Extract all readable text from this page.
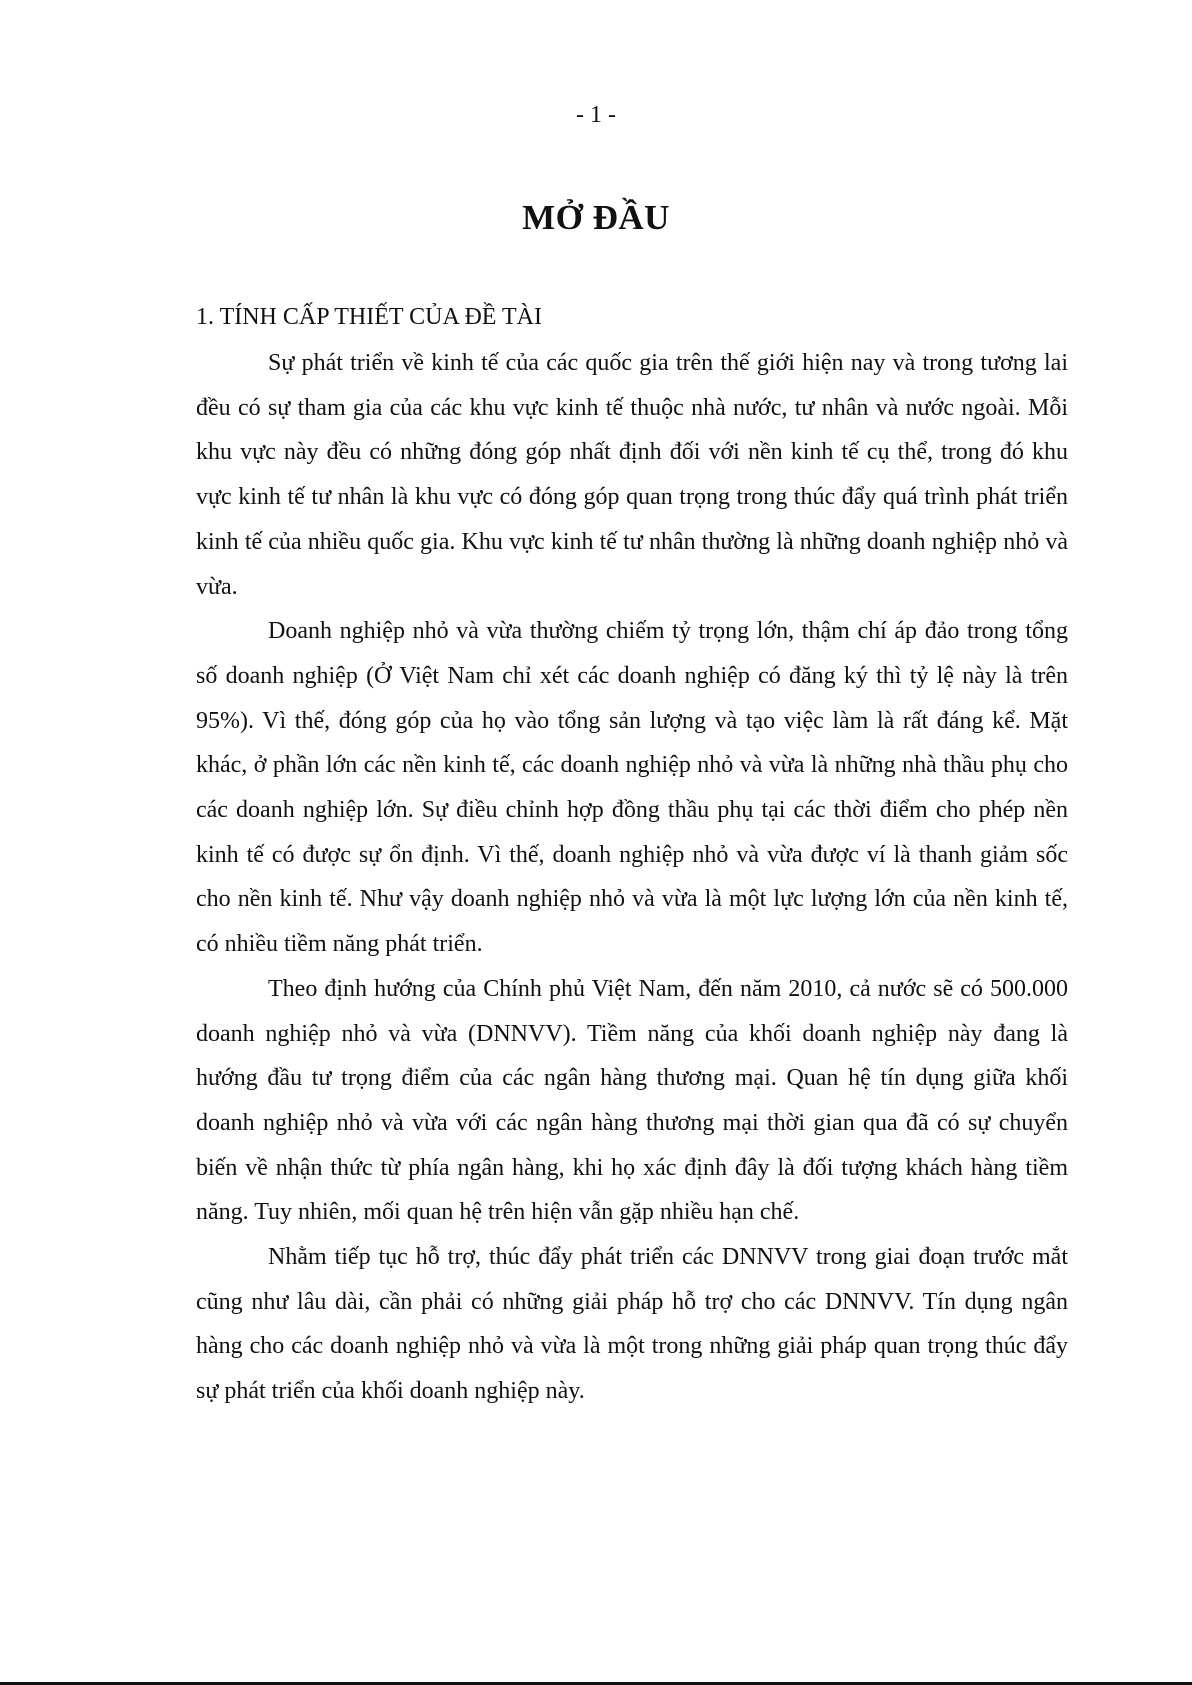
- 1 -
MỞ ĐẦU
1. TÍNH CẤP THIẾT CỦA ĐỀ TÀI

Sự phát triển về kinh tế của các quốc gia trên thế giới hiện nay và trong tương lai đều có sự tham gia của các khu vực kinh tế thuộc nhà nước, tư nhân và nước ngoài. Mỗi khu vực này đều có những đóng góp nhất định đối với nền kinh tế cụ thể, trong đó khu vực kinh tế tư nhân là khu vực có đóng góp quan trọng trong thúc đẩy quá trình phát triển kinh tế của nhiều quốc gia. Khu vực kinh tế tư nhân thường là những doanh nghiệp nhỏ và vừa.

Doanh nghiệp nhỏ và vừa thường chiếm tỷ trọng lớn, thậm chí áp đảo trong tổng số doanh nghiệp (Ở Việt Nam chỉ xét các doanh nghiệp có đăng ký thì tỷ lệ này là trên 95%). Vì thế, đóng góp của họ vào tổng sản lượng và tạo việc làm là rất đáng kể. Mặt khác, ở phần lớn các nền kinh tế, các doanh nghiệp nhỏ và vừa là những nhà thầu phụ cho các doanh nghiệp lớn. Sự điều chỉnh hợp đồng thầu phụ tại các thời điểm cho phép nền kinh tế có được sự ổn định. Vì thế, doanh nghiệp nhỏ và vừa được ví là thanh giảm sốc cho nền kinh tế. Như vậy doanh nghiệp nhỏ và vừa là một lực lượng lớn của nền kinh tế, có nhiều tiềm năng phát triển.

Theo định hướng của Chính phủ Việt Nam, đến năm 2010, cả nước sẽ có 500.000 doanh nghiệp nhỏ và vừa (DNNVV). Tiềm năng của khối doanh nghiệp này đang là hướng đầu tư trọng điểm của các ngân hàng thương mại. Quan hệ tín dụng giữa khối doanh nghiệp nhỏ và vừa với các ngân hàng thương mại thời gian qua đã có sự chuyển biến về nhận thức từ phía ngân hàng, khi họ xác định đây là đối tượng khách hàng tiềm năng. Tuy nhiên, mối quan hệ trên hiện vẫn gặp nhiều hạn chế.

Nhằm tiếp tục hỗ trợ, thúc đẩy phát triển các DNNVV trong giai đoạn trước mắt cũng như lâu dài, cần phải có những giải pháp hỗ trợ cho các DNNVV. Tín dụng ngân hàng cho các doanh nghiệp nhỏ và vừa là một trong những giải pháp quan trọng thúc đẩy sự phát triển của khối doanh nghiệp này.
